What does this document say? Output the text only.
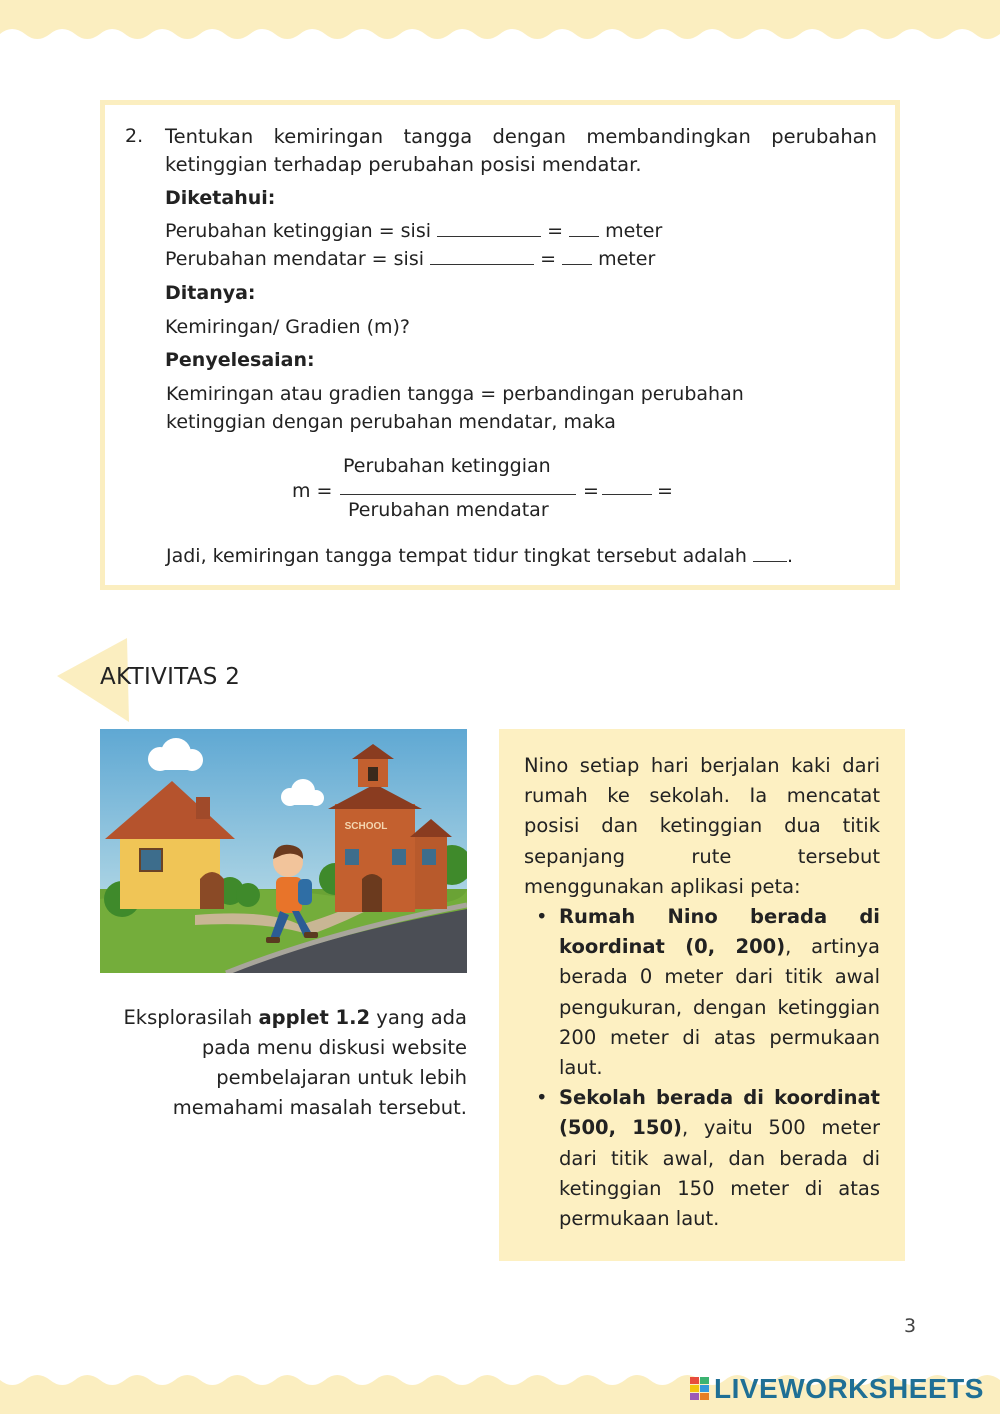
2. Tentukan kemiringan tangga dengan membandingkan perubahan ketinggian terhadap perubahan posisi mendatar.
Diketahui:
Perubahan ketinggian = sisi	= meter
Perubahan mendatar = sisi	= meter
Ditanya:
Kemiringan/ Gradien (m)?
Penyelesaian:
Kemiringan atau gradien tangga = perbandingan perubahan
ketinggian dengan perubahan mendatar, maka
m =
Perubahan ketinggian
Perubahan mendatar
=	=
Jadi, kemiringan tangga tempat tidur tingkat tersebut adalah .
AKTIVITAS 2
SCHOOL
Eksplorasilah applet 1.2 yang ada pada menu diskusi website pembelajaran untuk lebih memahami masalah tersebut.
Nino setiap hari berjalan kaki dari rumah ke sekolah. Ia mencatat posisi dan ketinggian dua titik sepanjang rute tersebut menggunakan aplikasi peta:
• Rumah Nino berada di koordinat (0, 200), artinya berada 0 meter dari titik awal pengukuran, dengan ketinggian 200 meter di atas permukaan laut.
• Sekolah berada di koordinat (500, 150), yaitu 500 meter dari titik awal, dan berada di ketinggian 150 meter di atas permukaan laut.
3
LIVEWORKSHEETS
